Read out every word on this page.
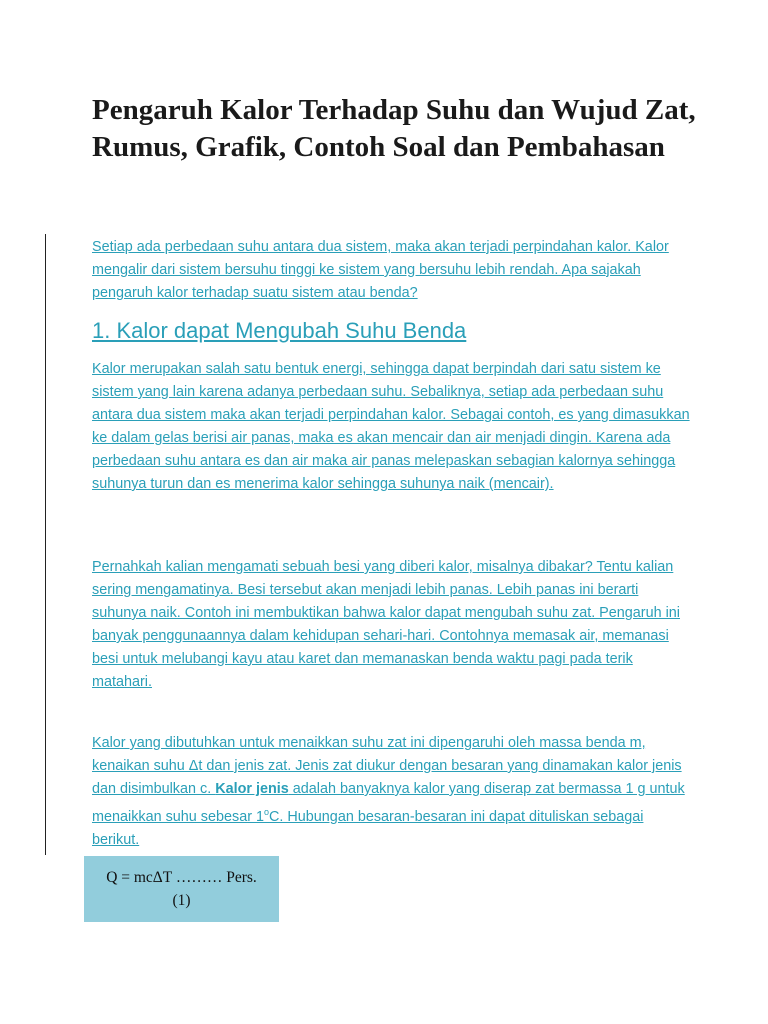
Pengaruh Kalor Terhadap Suhu dan Wujud Zat, Rumus, Grafik, Contoh Soal dan Pembahasan

Setiap ada perbedaan suhu antara dua sistem, maka akan terjadi perpindahan kalor. Kalor mengalir dari sistem bersuhu tinggi ke sistem yang bersuhu lebih rendah. Apa sajakah pengaruh kalor terhadap suatu sistem atau benda?

1. Kalor dapat Mengubah Suhu Benda

Kalor merupakan salah satu bentuk energi, sehingga dapat berpindah dari satu sistem ke sistem yang lain karena adanya perbedaan suhu. Sebaliknya, setiap ada perbedaan suhu antara dua sistem maka akan terjadi perpindahan kalor. Sebagai contoh, es yang dimasukkan ke dalam gelas berisi air panas, maka es akan mencair dan air menjadi dingin. Karena ada perbedaan suhu antara es dan air maka air panas melepaskan sebagian kalornya sehingga suhunya turun dan es menerima kalor sehingga suhunya naik (mencair).

Pernahkah kalian mengamati sebuah besi yang diberi kalor, misalnya dibakar? Tentu kalian sering mengamatinya. Besi tersebut akan menjadi lebih panas. Lebih panas ini berarti suhunya naik. Contoh ini membuktikan bahwa kalor dapat mengubah suhu zat. Pengaruh ini banyak penggunaannya dalam kehidupan sehari-hari. Contohnya memasak air, memanasi besi untuk melubangi kayu atau karet dan memanaskan benda waktu pagi pada terik matahari.

Kalor yang dibutuhkan untuk menaikkan suhu zat ini dipengaruhi oleh massa benda m, kenaikan suhu Δt dan jenis zat. Jenis zat diukur dengan besaran yang dinamakan kalor jenis dan disimbulkan c. Kalor jenis adalah banyaknya kalor yang diserap zat bermassa 1 g untuk menaikkan suhu sebesar 1$^o$C. Hubungan besaran-besaran ini dapat dituliskan sebagai berikut.

Q = mcΔT ……… Pers.
(1)
